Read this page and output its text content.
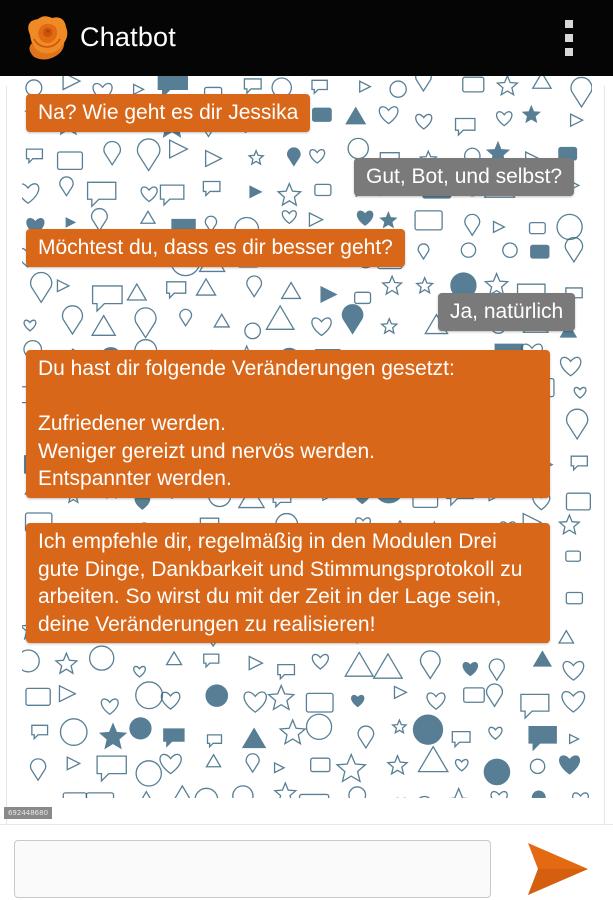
Chatbot
692448680
Na? Wie geht es dir Jessika
Gut, Bot, und selbst?
Möchtest du, dass es dir besser geht?
Ja, natürlich
Du hast dir folgende Veränderungen gesetzt:

Zufriedener werden.
Weniger gereizt und nervös werden.
Entspannter werden.
Ich empfehle dir, regelmäßig in den Modulen Drei gute Dinge, Dankbarkeit und Stimmungsprotokoll zu arbeiten. So wirst du mit der Zeit in der Lage sein, deine Veränderungen zu realisieren!
